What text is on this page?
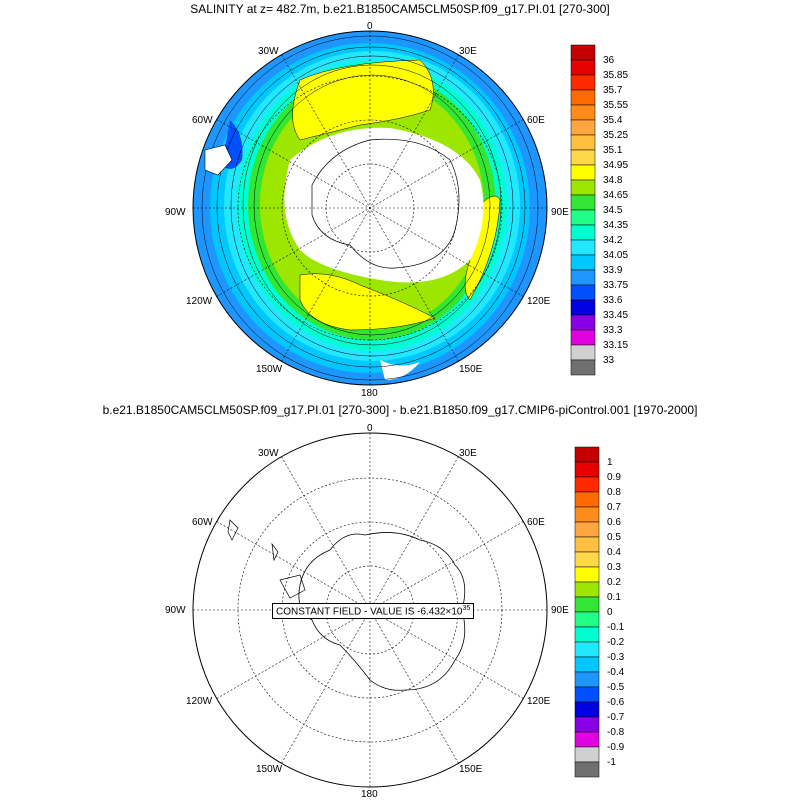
SALINITY at z= 482.7m, b.e21.B1850CAM5CLM50SP.f09_g17.PI.01 [270-300]
b.e21.B1850CAM5CLM50SP.f09_g17.PI.01 [270-300] - b.e21.B1850.f09_g17.CMIP6-piControl.001 [1970-2000]
0
30E
60E
90E
120E
150E
180
150W
120W
90W
60W
30W
36
35.85
35.7
35.55
35.4
35.25
35.1
34.95
34.8
34.65
34.5
34.35
34.2
34.05
33.9
33.75
33.6
33.45
33.3
33.15
33
0
30E
60E
90E
120E
150E
180
150W
120W
90W
60W
30W
1
0.9
0.8
0.7
0.6
0.5
0.4
0.3
0.2
0.1
0
-0.1
-0.2
-0.3
-0.4
-0.5
-0.6
-0.7
-0.8
-0.9
-1
CONSTANT FIELD - VALUE IS $-6.432\times 10^{35}$
